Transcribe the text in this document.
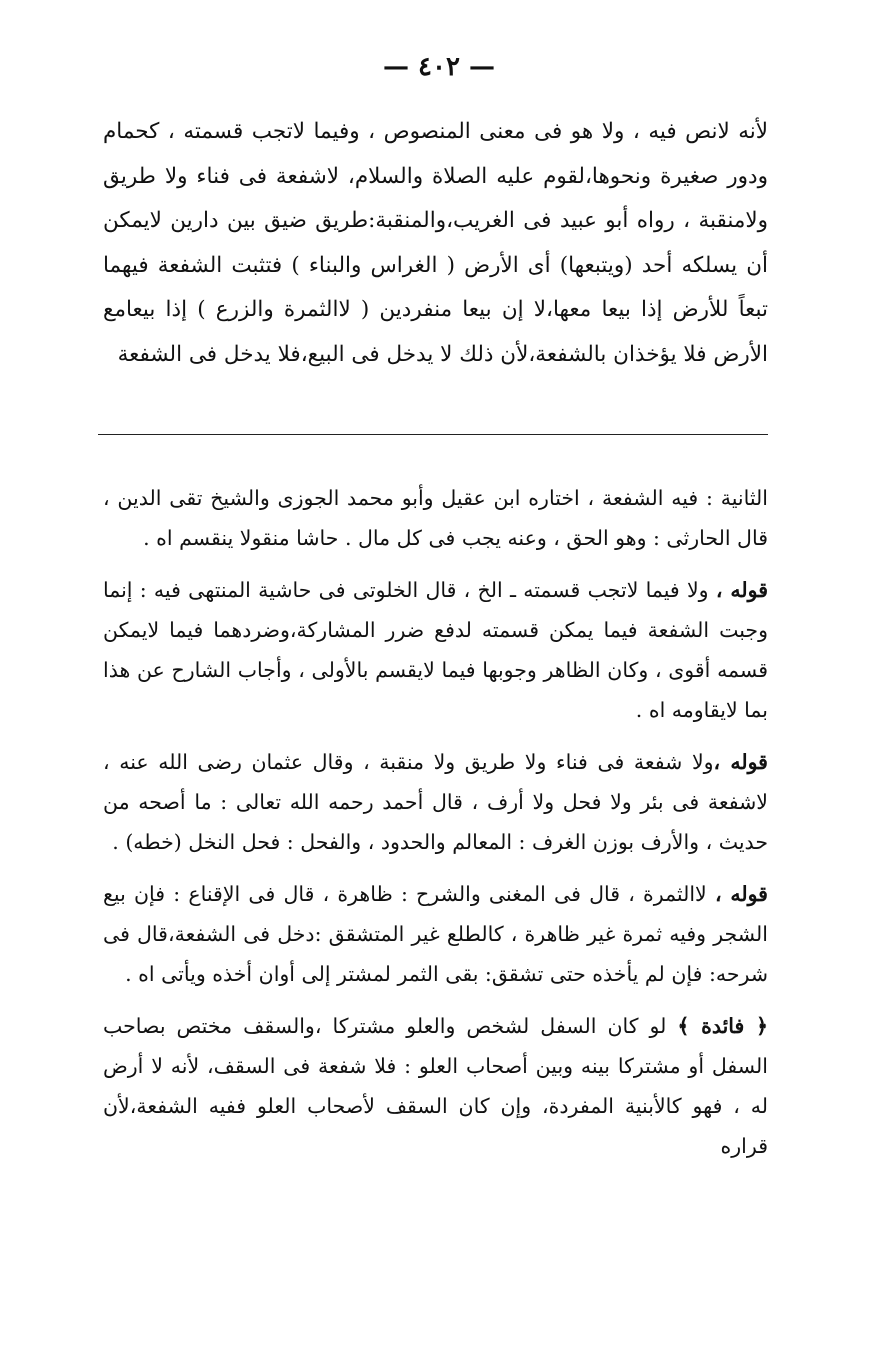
— ٤٠٢ —
لأنه لانص فيه ، ولا هو فى معنى المنصوص ، وفيما لاتجب قسمته ، كحمام ودور صغيرة ونحوها،لقوم عليه الصلاة والسلام، لاشفعة فى فناء ولا طريق ولامنقبة ، رواه أبو عبيد فى الغريب،والمنقبة:طريق ضيق بين دارين لايمكن أن يسلكه أحد (ويتبعها) أى الأرض ( الغراس والبناء ) فتثبت الشفعة فيهما تبعاً للأرض إذا بيعا معها،لا إن بيعا منفردين ( لاالثمرة والزرع ) إذا بيعامع الأرض فلا يؤخذان بالشفعة،لأن ذلك لا يدخل فى البيع،فلا يدخل فى الشفعة

الثانية : فيه الشفعة ، اختاره ابن عقيل وأبو محمد الجوزى والشيخ تقى الدين ، قال الحارثى : وهو الحق ، وعنه يجب فى كل مال . حاشا منقولا ينقسم اه .

قوله ، ولا فيما لاتجب قسمته ـ الخ ، قال الخلوتى فى حاشية المنتهى فيه : إنما وجبت الشفعة فيما يمكن قسمته لدفع ضرر المشاركة،وضردهما فيما لايمكن قسمه أقوى ، وكان الظاهر وجوبها فيما لايقسم بالأولى ، وأجاب الشارح عن هذا بما لايقاومه اه .

قوله ،ولا شفعة فى فناء ولا طريق ولا منقبة ، وقال عثمان رضى الله عنه ، لاشفعة فى بئر ولا فحل ولا أرف ، قال أحمد رحمه الله تعالى : ما أصحه من حديث ، والأرف بوزن الغرف : المعالم والحدود ، والفحل : فحل النخل (خطه) .

قوله ، لاالثمرة ، قال فى المغنى والشرح : ظاهرة ، قال فى الإقناع : فإن بيع الشجر وفيه ثمرة غير ظاهرة ، كالطلع غير المتشقق :دخل فى الشفعة،قال فى شرحه: فإن لم يأخذه حتى تشقق: بقى الثمر لمشتر إلى أوان أخذه ويأتى اه .

﴿ فائدة ﴾ لو كان السفل لشخص والعلو مشتركا ،والسقف مختص بصاحب السفل أو مشتركا بينه وبين أصحاب العلو : فلا شفعة فى السقف، لأنه لا أرض له ، فهو كالأبنية المفردة، وإن كان السقف لأصحاب العلو ففيه الشفعة،لأن قراره
